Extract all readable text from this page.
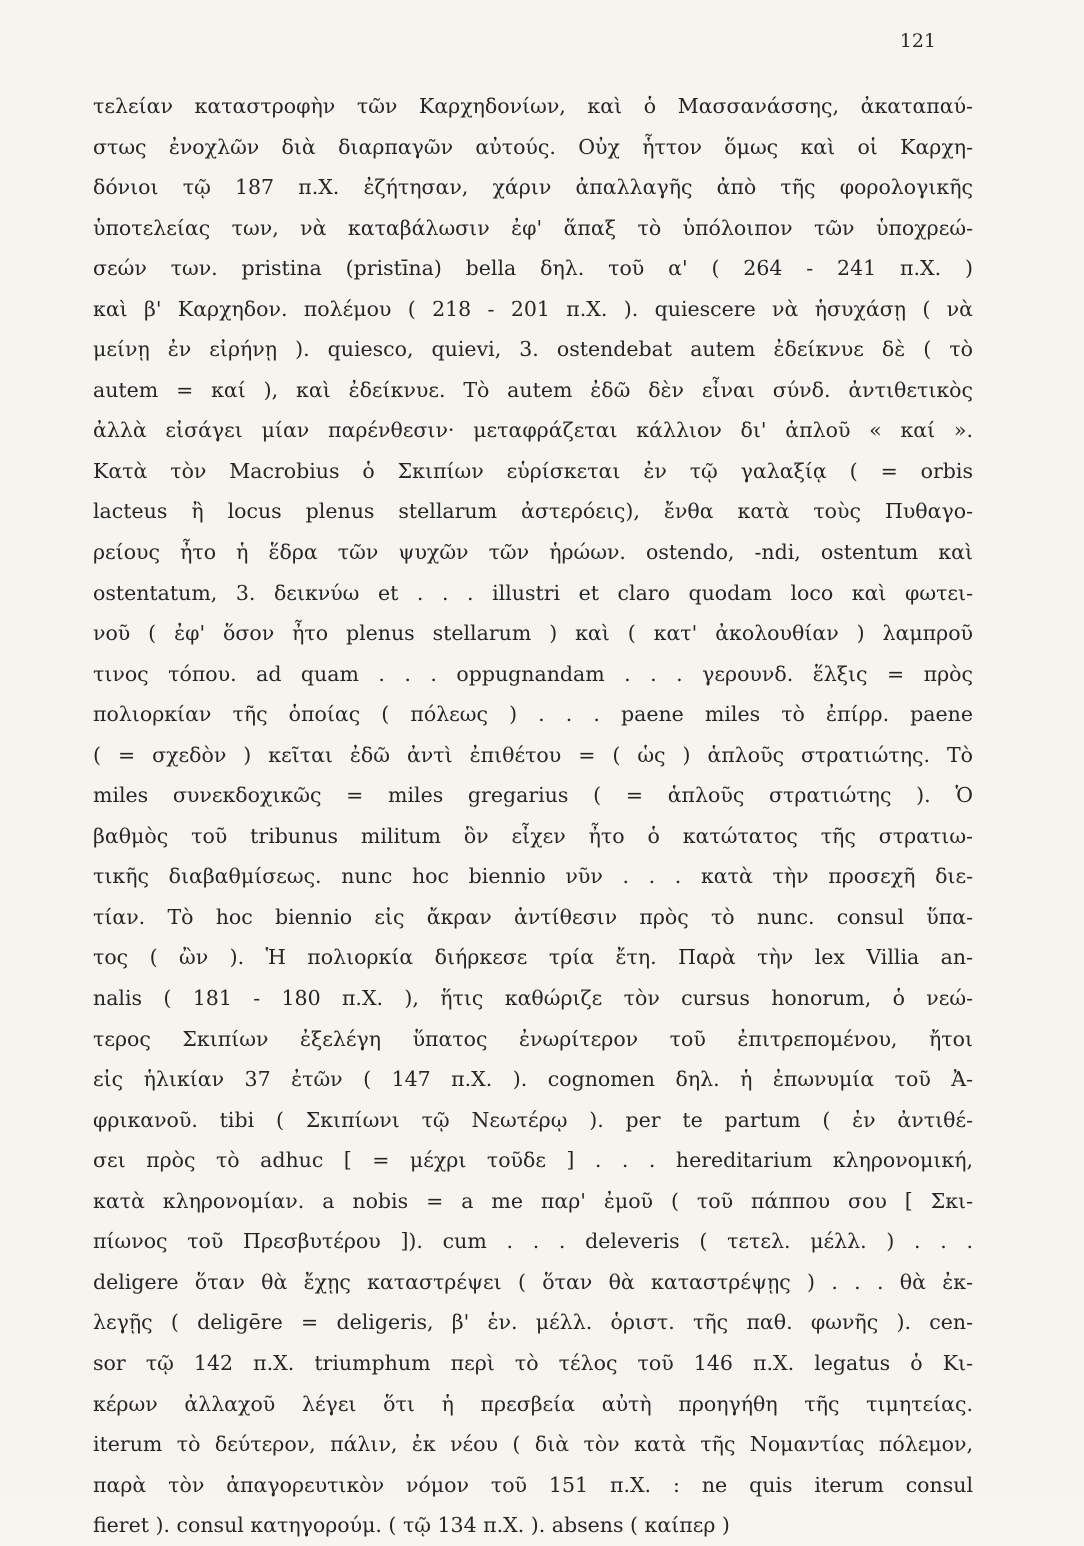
121
τελείαν καταστροφὴν τῶν Καρχηδονίων, καὶ ὁ Μασσανάσσης, ἀκαταπαύ-
στως ἐνοχλῶν διὰ διαρπαγῶν αὐτούς. Οὐχ ἧττον ὅμως καὶ οἱ Καρχη-
δόνιοι τῷ 187 π.Χ. ἐζήτησαν, χάριν ἀπαλλαγῆς ἀπὸ τῆς φορολογικῆς
ὑποτελείας των, νὰ καταβάλωσιν ἐφ' ἅπαξ τὸ ὑπόλοιπον τῶν ὑποχρεώ-
σεών των. pristina (pristīna) bella δηλ. τοῦ α' ( 264 - 241 π.Χ. )
καὶ β' Καρχηδον. πολέμου ( 218 - 201 π.Χ. ). quiescere νὰ ἡσυχάσῃ ( νὰ
μείνῃ ἐν εἰρήνῃ ). quiesco, quievi, 3. ostendebat autem ἐδείκνυε δὲ ( τὸ
autem = καί ), καὶ ἐδείκνυε. Τὸ autem ἐδῶ δὲν εἶναι σύνδ. ἀντιθετικὸς
ἀλλὰ εἰσάγει μίαν παρένθεσιν· μεταφράζεται κάλλιον δι' ἁπλοῦ « καί ».
Κατὰ τὸν Macrobius ὁ Σκιπίων εὑρίσκεται ἐν τῷ γαλαξίᾳ ( = orbis
lacteus ἢ locus plenus stellarum ἀστερόεις), ἔνθα κατὰ τοὺς Πυθαγο-
ρείους ἦτο ἡ ἕδρα τῶν ψυχῶν τῶν ἡρώων. ostendo, -ndi, ostentum καὶ
ostentatum, 3. δεικνύω et . . . illustri et claro quodam loco καὶ φωτει-
νοῦ ( ἐφ' ὅσον ἦτο plenus stellarum ) καὶ ( κατ' ἀκολουθίαν ) λαμπροῦ
τινος τόπου. ad quam . . . oppugnandam . . . γερουνδ. ἕλξις = πρὸς
πολιορκίαν τῆς ὁποίας ( πόλεως ) . . . paene miles τὸ ἐπίρρ. paene
( = σχεδὸν ) κεῖται ἐδῶ ἀντὶ ἐπιθέτου = ( ὡς ) ἁπλοῦς στρατιώτης. Τὸ
miles συνεκδοχικῶς = miles gregarius ( = ἁπλοῦς στρατιώτης ). Ὁ
βαθμὸς τοῦ tribunus militum ὃν εἶχεν ἦτο ὁ κατώτατος τῆς στρατιω-
τικῆς διαβαθμίσεως. nunc hoc biennio νῦν . . . κατὰ τὴν προσεχῆ διε-
τίαν. Τὸ hoc biennio εἰς ἄκραν ἀντίθεσιν πρὸς τὸ nunc. consul ὕπα-
τος ( ὢν ). Ἡ πολιορκία διήρκεσε τρία ἔτη. Παρὰ τὴν lex Villia an-
nalis ( 181 - 180 π.Χ. ), ἥτις καθώριζε τὸν cursus honorum, ὁ νεώ-
τερος Σκιπίων ἐξελέγη ὕπατος ἐνωρίτερον τοῦ ἐπιτρεπομένου, ἤτοι
εἰς ἡλικίαν 37 ἐτῶν ( 147 π.Χ. ). cognomen δηλ. ἡ ἐπωνυμία τοῦ Ἀ-
φρικανοῦ. tibi ( Σκιπίωνι τῷ Νεωτέρῳ ). per te partum ( ἐν ἀντιθέ-
σει πρὸς τὸ adhuc [ = μέχρι τοῦδε ] . . . hereditarium κληρονομική,
κατὰ κληρονομίαν. a nobis = a me παρ' ἐμοῦ ( τοῦ πάππου σου [ Σκι-
πίωνος τοῦ Πρεσβυτέρου ]). cum . . . deleveris ( τετελ. μέλλ. ) . . .
deligere ὅταν θὰ ἔχῃς καταστρέψει ( ὅταν θὰ καταστρέψῃς ) . . . θὰ ἐκ-
λεγῇς ( deligēre = deligeris, β' ἑν. μέλλ. ὁριστ. τῆς παθ. φωνῆς ). cen-
sor τῷ 142 π.Χ. triumphum περὶ τὸ τέλος τοῦ 146 π.Χ. legatus ὁ Κι-
κέρων ἀλλαχοῦ λέγει ὅτι ἡ πρεσβεία αὐτὴ προηγήθη τῆς τιμητείας.
iterum τὸ δεύτερον, πάλιν, ἐκ νέου ( διὰ τὸν κατὰ τῆς Νομαντίας πόλεμον,
παρὰ τὸν ἀπαγορευτικὸν νόμον τοῦ 151 π.Χ. : ne quis iterum consul
fieret ). consul κατηγορούμ. ( τῷ 134 π.Χ. ). absens ( καίπερ )
